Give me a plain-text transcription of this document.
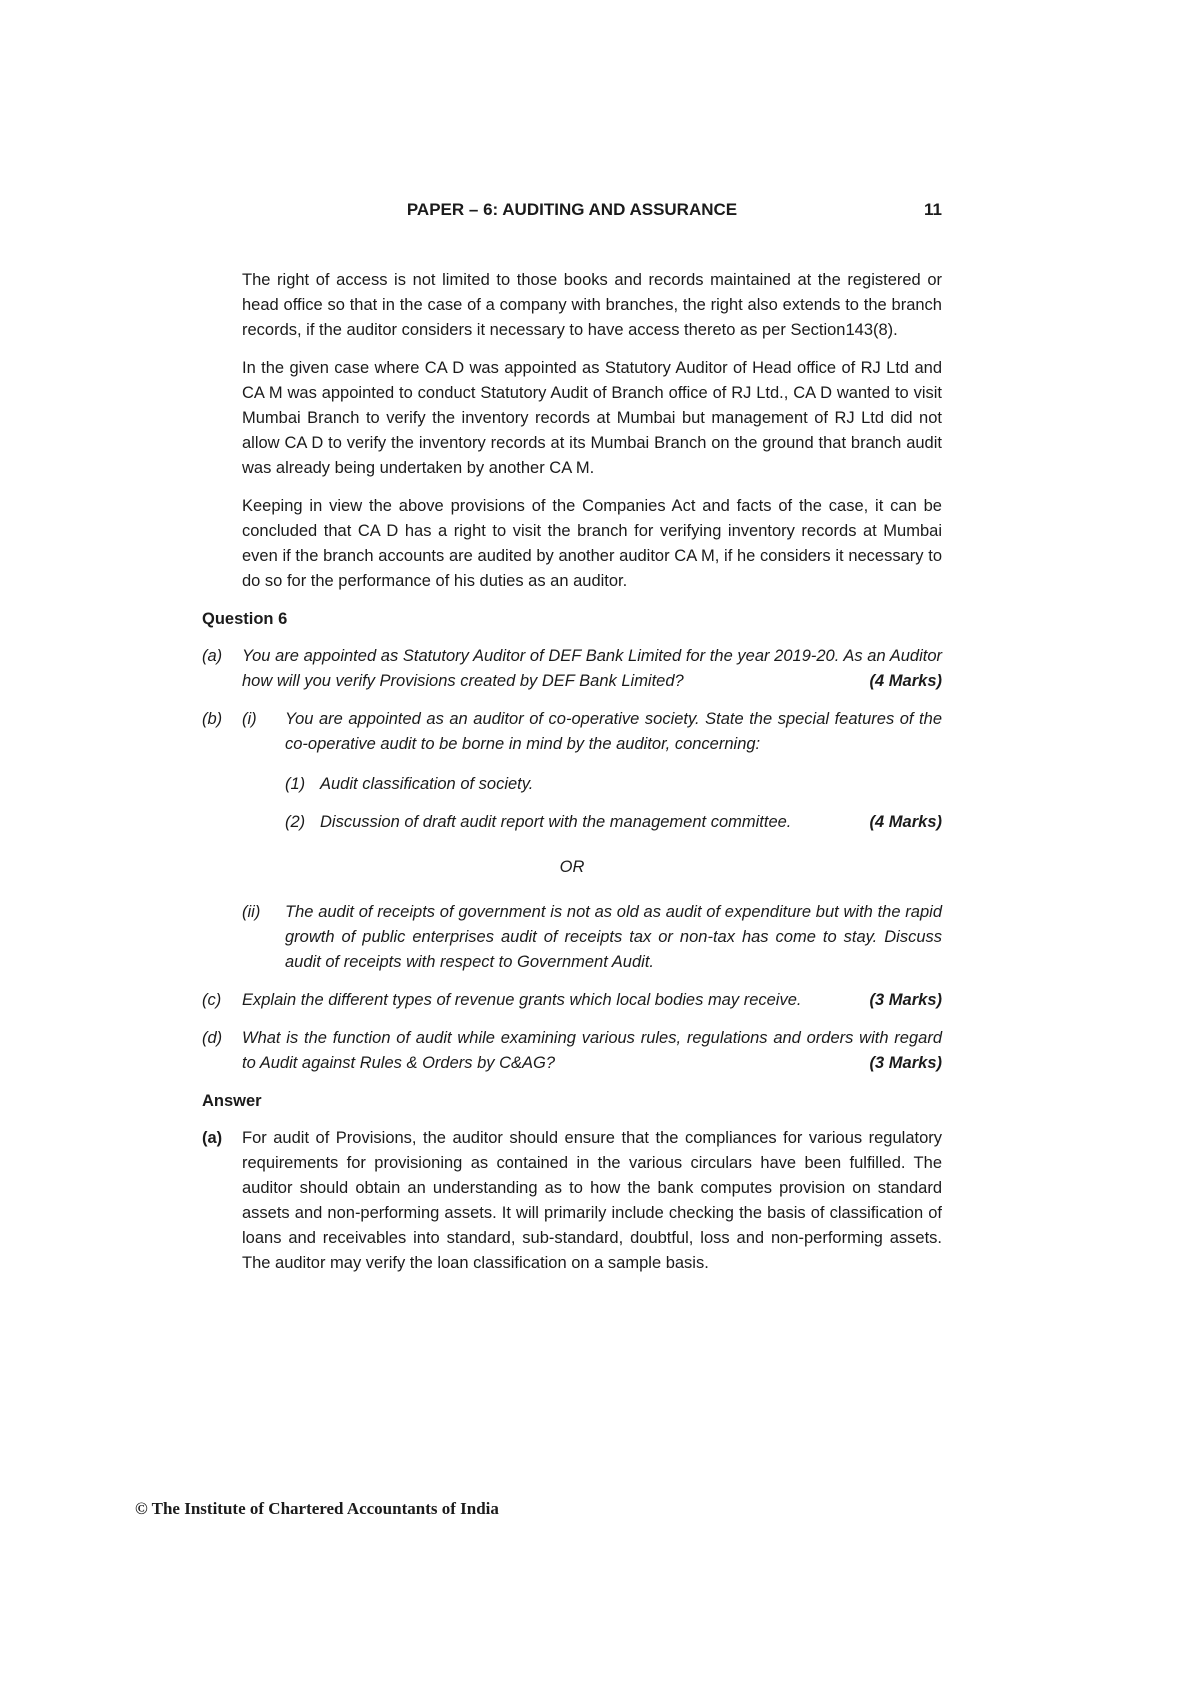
PAPER – 6: AUDITING AND ASSURANCE	11
The right of access is not limited to those books and records maintained at the registered or head office so that in the case of a company with branches, the right also extends to the branch records, if the auditor considers it necessary to have access thereto as per Section143(8).
In the given case where CA D was appointed as Statutory Auditor of Head office of RJ Ltd and CA M was appointed to conduct Statutory Audit of Branch office of RJ Ltd., CA D wanted to visit Mumbai Branch to verify the inventory records at Mumbai but management of RJ Ltd did not allow CA D to verify the inventory records at its Mumbai Branch on the ground that branch audit was already being undertaken by another CA M.
Keeping in view the above provisions of the Companies Act and facts of the case, it can be concluded that CA D has a right to visit the branch for verifying inventory records at Mumbai even if the branch accounts are audited by another auditor CA M, if he considers it necessary to do so for the performance of his duties as an auditor.
Question 6
(a)	You are appointed as Statutory Auditor of DEF Bank Limited for the year 2019-20. As an Auditor how will you verify Provisions created by DEF Bank Limited?	(4 Marks)
(b)	(i)	You are appointed as an auditor of co-operative society. State the special features of the co-operative audit to be borne in mind by the auditor, concerning:
(1) Audit classification of society.
(2) Discussion of draft audit report with the management committee.	(4 Marks)
OR
(ii)	The audit of receipts of government is not as old as audit of expenditure but with the rapid growth of public enterprises audit of receipts tax or non-tax has come to stay. Discuss audit of receipts with respect to Government Audit.
(c)	Explain the different types of revenue grants which local bodies may receive.	(3 Marks)
(d)	What is the function of audit while examining various rules, regulations and orders with regard to Audit against Rules & Orders by C&AG?	(3 Marks)
Answer
(a)	For audit of Provisions, the auditor should ensure that the compliances for various regulatory requirements for provisioning as contained in the various circulars have been fulfilled. The auditor should obtain an understanding as to how the bank computes provision on standard assets and non-performing assets. It will primarily include checking the basis of classification of loans and receivables into standard, sub-standard, doubtful, loss and non-performing assets. The auditor may verify the loan classification on a sample basis.
© The Institute of Chartered Accountants of India
